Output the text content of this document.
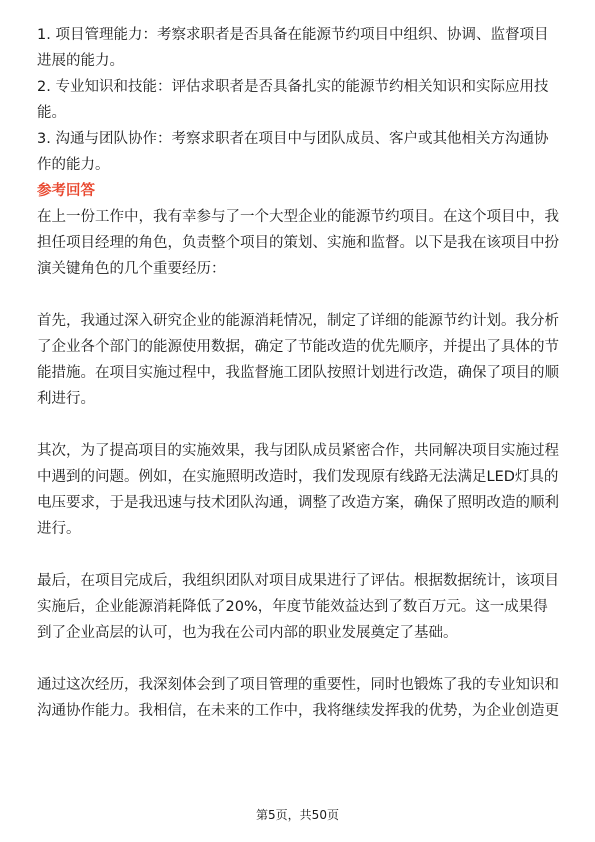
1. 项目管理能力：考察求职者是否具备在能源节约项目中组织、协调、监督项目进展的能力。

2. 专业知识和技能：评估求职者是否具备扎实的能源节约相关知识和实际应用技能。

3. 沟通与团队协作：考察求职者在项目中与团队成员、客户或其他相关方沟通协作的能力。

参考回答

在上一份工作中，我有幸参与了一个大型企业的能源节约项目。在这个项目中，我担任项目经理的角色，负责整个项目的策划、实施和监督。以下是我在该项目中扮演关键角色的几个重要经历：

首先，我通过深入研究企业的能源消耗情况，制定了详细的能源节约计划。我分析了企业各个部门的能源使用数据，确定了节能改造的优先顺序，并提出了具体的节能措施。在项目实施过程中，我监督施工团队按照计划进行改造，确保了项目的顺利进行。

其次，为了提高项目的实施效果，我与团队成员紧密合作，共同解决项目实施过程中遇到的问题。例如，在实施照明改造时，我们发现原有线路无法满足LED灯具的电压要求，于是我迅速与技术团队沟通，调整了改造方案，确保了照明改造的顺利进行。

最后，在项目完成后，我组织团队对项目成果进行了评估。根据数据统计，该项目实施后，企业能源消耗降低了20%，年度节能效益达到了数百万元。这一成果得到了企业高层的认可，也为我在公司内部的职业发展奠定了基础。

通过这次经历，我深刻体会到了项目管理的重要性，同时也锻炼了我的专业知识和沟通协作能力。我相信，在未来的工作中，我将继续发挥我的优势，为企业创造更

第5页，共50页
